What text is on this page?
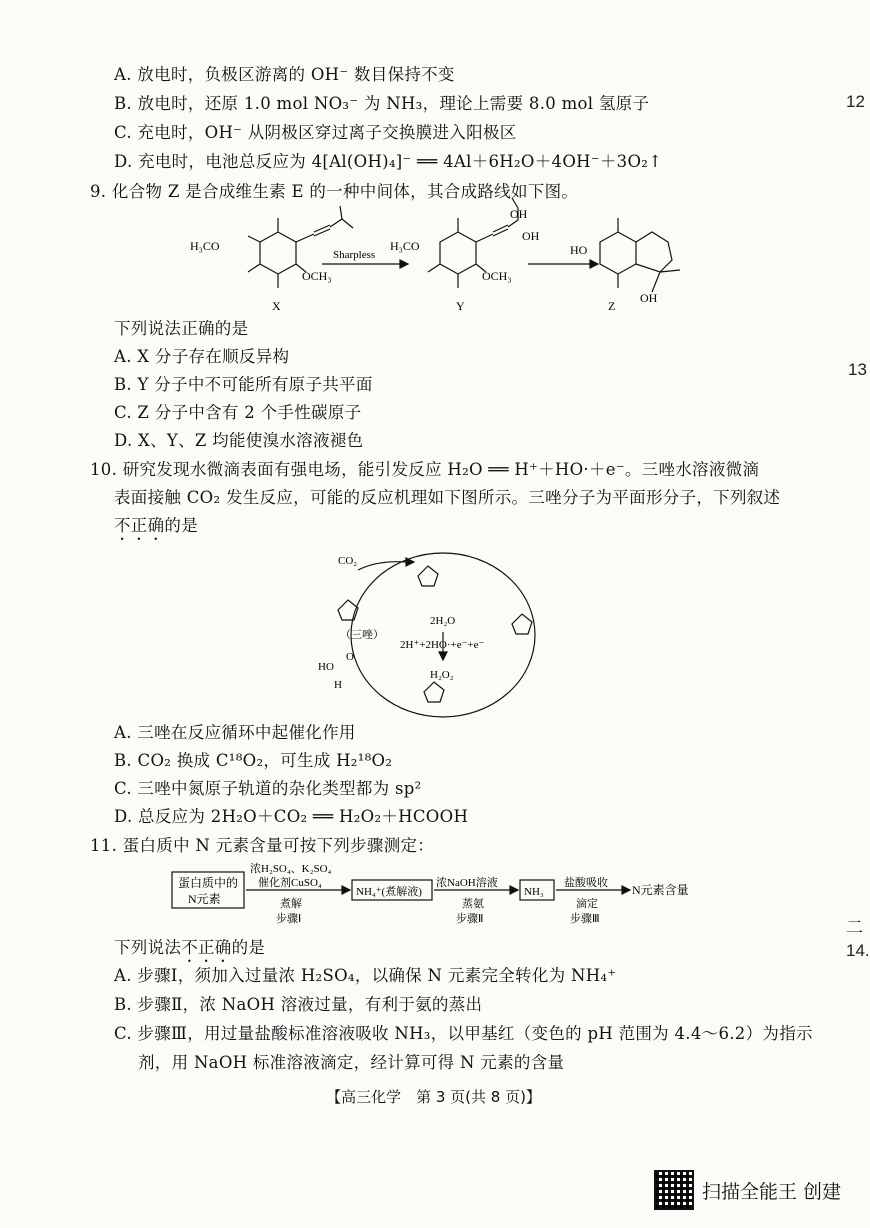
A. 放电时，负极区游离的 OH⁻ 数目保持不变
B. 放电时，还原 1.0 mol NO₃⁻ 为 NH₃，理论上需要 8.0 mol 氢原子
C. 充电时，OH⁻ 从阴极区穿过离子交换膜进入阳极区
D. 充电时，电池总反应为 4[Al(OH)₄]⁻ ══ 4Al＋6H₂O＋4OH⁻＋3O₂↑
9. 化合物 Z 是合成维生素 E 的一种中间体，其合成路线如下图。
H₃CO
OCH₃
X
Sharpless
H₃CO
OCH₃
OH
OH
Y
HO
OH
Z
下列说法正确的是
A. X 分子存在顺反异构
B. Y 分子中不可能所有原子共平面
C. Z 分子中含有 2 个手性碳原子
D. X、Y、Z 均能使溴水溶液褪色
10. 研究发现水微滴表面有强电场，能引发反应 H₂O ══ H⁺＋HO·＋e⁻。三唑水溶液微滴
表面接触 CO₂ 发生反应，可能的反应机理如下图所示。三唑分子为平面形分子，下列叙述
不正确的是
CO₂
（三唑）
2H₂O
2H⁺+2HO·+e⁻+e⁻
H₂O₂
HO
O
H
A. 三唑在反应循环中起催化作用
B. CO₂ 换成 C¹⁸O₂，可生成 H₂¹⁸O₂
C. 三唑中氮原子轨道的杂化类型都为 sp²
D. 总反应为 2H₂O＋CO₂ ══ H₂O₂＋HCOOH
11. 蛋白质中 N 元素含量可按下列步骤测定：
蛋白质中的
N元素
浓H₂SO₄、K₂SO₄
催化剂CuSO₄
煮解
步骤Ⅰ
NH₄⁺(煮解液)
浓NaOH溶液
蒸氨
步骤Ⅱ
NH₃
盐酸吸收
滴定
步骤Ⅲ
N元素含量
下列说法不正确的是
A. 步骤Ⅰ，须加入过量浓 H₂SO₄，以确保 N 元素完全转化为 NH₄⁺
B. 步骤Ⅱ，浓 NaOH 溶液过量，有利于氨的蒸出
C. 步骤Ⅲ，用过量盐酸标准溶液吸收 NH₃，以甲基红（变色的 pH 范围为 4.4～6.2）为指示
剂，用 NaOH 标准溶液滴定，经计算可得 N 元素的含量
12
13
二
14.
【高三化学　第 3 页(共 8 页)】
扫描全能王 创建
